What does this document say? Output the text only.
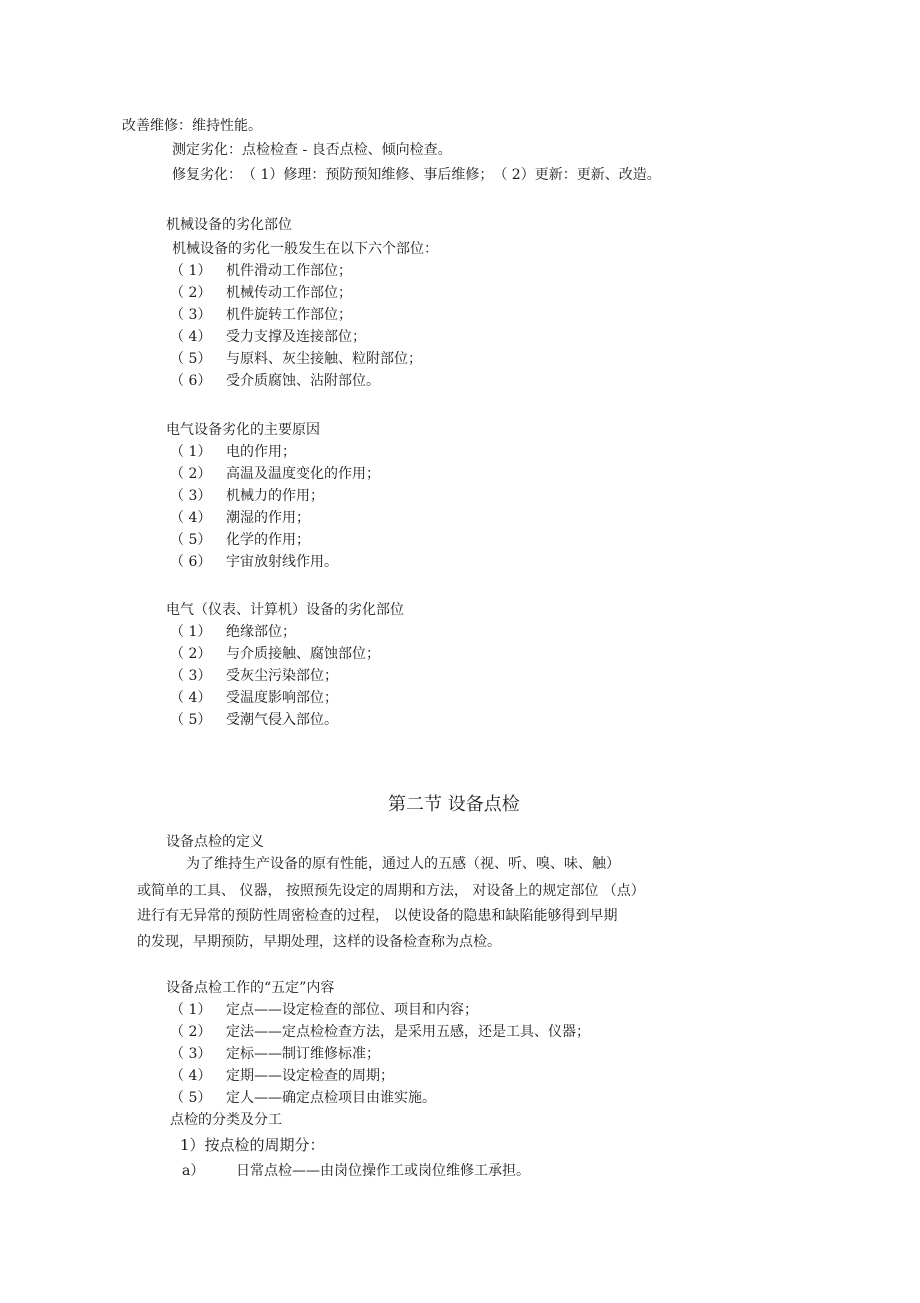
改善维修：维持性能。
测定劣化：点检检查 - 良否点检、倾向检查。
修复劣化：　（ 1）修理：预防预知维修、事后维修；　（ 2）更新：更新、改造。
机械设备的劣化部位
机械设备的劣化一般发生在以下六个部位：
（ 1） 机件滑动工作部位；
（ 2） 机械传动工作部位；
（ 3） 机件旋转工作部位；
（ 4） 受力支撑及连接部位；
（ 5） 与原料、灰尘接触、粒附部位；
（ 6） 受介质腐蚀、沾附部位。
电气设备劣化的主要原因
（ 1） 电的作用；
（ 2） 高温及温度变化的作用；
（ 3） 机械力的作用；
（ 4） 潮湿的作用；
（ 5） 化学的作用；
（ 6） 宇宙放射线作用。
电气（仪表、计算机）设备的劣化部位
（ 1） 绝缘部位；
（ 2） 与介质接触、腐蚀部位；
（ 3） 受灰尘污染部位；
（ 4） 受温度影响部位；
（ 5） 受潮气侵入部位。
第二节 设备点检
设备点检的定义
为了维持生产设备的原有性能，通过人的五感（视、听、嗅、味、触）
或简单的工具、 仪器， 按照预先设定的周期和方法， 对设备上的规定部位 （点）
进行有无异常的预防性周密检查的过程， 以使设备的隐患和缺陷能够得到早期
的发现，早期预防，早期处理，这样的设备检查称为点检。
设备点检工作的“五定”内容
（ 1） 定点——设定检查的部位、项目和内容；
（ 2） 定法——定点检检查方法，是采用五感，还是工具、仪器；
（ 3） 定标——制订维修标准；
（ 4） 定期——设定检查的周期；
（ 5） 定人——确定点检项目由谁实施。
点检的分类及分工
1）按点检的周期分：
a） 日常点检——由岗位操作工或岗位维修工承担。
